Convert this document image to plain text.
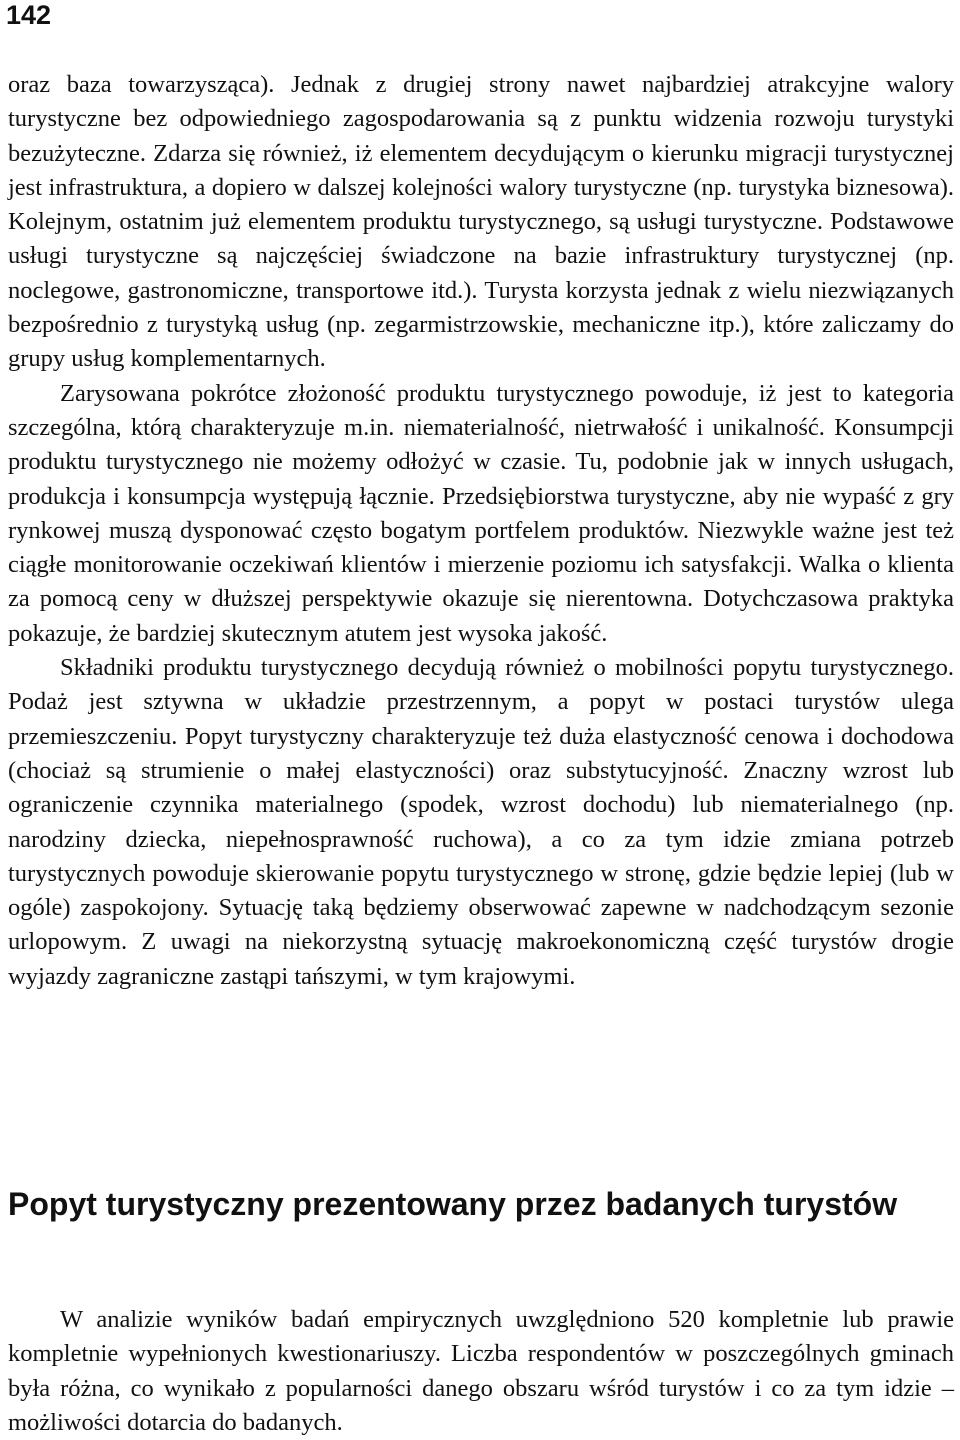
142

oraz baza towarzysząca). Jednak z drugiej strony nawet najbardziej atrakcyjne walory turystyczne bez odpowiedniego zagospodarowania są z punktu widzenia rozwoju turystyki bezużyteczne. Zdarza się również, iż elementem decydującym o kierunku migracji turystycznej jest infrastruktura, a dopiero w dalszej kolejności walory turystyczne (np. turystyka biznesowa). Kolejnym, ostatnim już elementem produktu turystycznego, są usługi turystyczne. Podstawowe usługi turystyczne są najczęściej świadczone na bazie infrastruktury turystycznej (np. noclegowe, gastronomiczne, transportowe itd.). Turysta korzysta jednak z wielu niezwiązanych bezpośrednio z turystyką usług (np. zegarmistrzowskie, mechaniczne itp.), które zaliczamy do grupy usług komplementarnych.

Zarysowana pokrótce złożoność produktu turystycznego powoduje, iż jest to kategoria szczególna, którą charakteryzuje m.in. niematerialność, nietrwałość i unikalność. Konsumpcji produktu turystycznego nie możemy odłożyć w czasie. Tu, podobnie jak w innych usługach, produkcja i konsumpcja występują łącznie. Przedsiębiorstwa turystyczne, aby nie wypaść z gry rynkowej muszą dysponować często bogatym portfelem produktów. Niezwykle ważne jest też ciągłe monitorowanie oczekiwań klientów i mierzenie poziomu ich satysfakcji. Walka o klienta za pomocą ceny w dłuższej perspektywie okazuje się nierentowna. Dotychczasowa praktyka pokazuje, że bardziej skutecznym atutem jest wysoka jakość.

Składniki produktu turystycznego decydują również o mobilności popytu turystycznego. Podaż jest sztywna w układzie przestrzennym, a popyt w postaci turystów ulega przemieszczeniu. Popyt turystyczny charakteryzuje też duża elastyczność cenowa i dochodowa (chociaż są strumienie o małej elastyczności) oraz substytucyjność. Znaczny wzrost lub ograniczenie czynnika materialnego (spodek, wzrost dochodu) lub niematerialnego (np. narodziny dziecka, niepełnosprawność ruchowa), a co za tym idzie zmiana potrzeb turystycznych powoduje skierowanie popytu turystycznego w stronę, gdzie będzie lepiej (lub w ogóle) zaspokojony. Sytuację taką będziemy obserwować zapewne w nadchodzącym sezonie urlopowym. Z uwagi na niekorzystną sytuację makroekonomiczną część turystów drogie wyjazdy zagraniczne zastąpi tańszymi, w tym krajowymi.

Popyt turystyczny prezentowany przez badanych turystów

W analizie wyników badań empirycznych uwzględniono 520 kompletnie lub prawie kompletnie wypełnionych kwestionariuszy. Liczba respondentów w poszczególnych gminach była różna, co wynikało z popularności danego obszaru wśród turystów i co za tym idzie – możliwości dotarcia do badanych.
